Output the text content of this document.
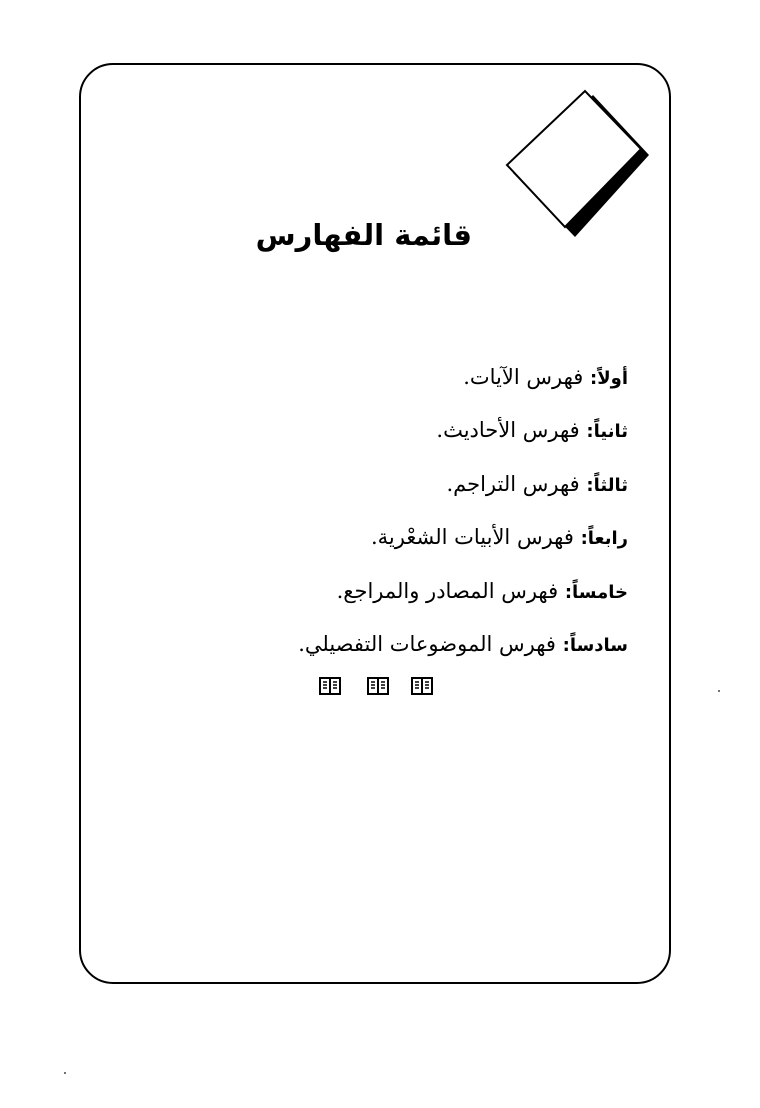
قائمة الفهارس
أولاً: فهرس الآيات.
ثانياً: فهرس الأحاديث.
ثالثاً: فهرس التراجم.
رابعاً: فهرس الأبيات الشعْرية.
خامساً: فهرس المصادر والمراجع.
سادساً: فهرس الموضوعات التفصيلي.
